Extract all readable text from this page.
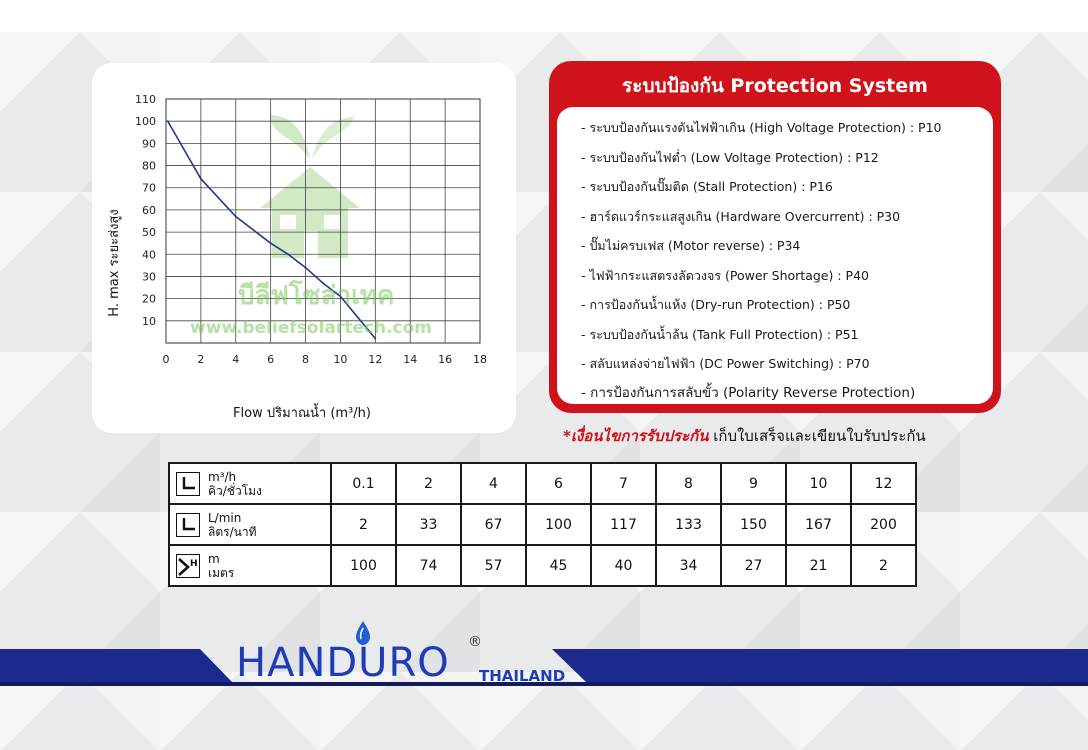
10
20
30
40
50
60
70
80
90
100
110
0	2	4	6	8 10 12 14 16 18
Flow ปริมาณน้ำ (m³/h)
H. max ระยะส่งสูง	บีลีฟโซล่าเทค
www.beliefsolartech.com
ระบบป้องกัน Protection System
- ระบบป้องกันแรงดันไฟฟ้าเกิน (High Voltage Protection) : P10
- ระบบป้องกันไฟต่ำ (Low Voltage Protection) : P12
- ระบบป้องกันปั๊มติด (Stall Protection) : P16
- ฮาร์ดแวร์กระแสสูงเกิน (Hardware Overcurrent) : P30
- ปั๊มไม่ครบเฟส (Motor reverse) : P34
- ไฟฟ้ากระแสตรงลัดวงจร (Power Shortage) : P40
- การป้องกันน้ำแห้ง (Dry-run Protection) : P50
- ระบบป้องกันน้ำล้น (Tank Full Protection) : P51
- สลับแหล่งจ่ายไฟฟ้า (DC Power Switching) : P70
- การป้องกันการสลับขั้ว (Polarity Reverse Protection)
*เงื่อนไขการรับประกัน เก็บใบเสร็จและเขียนใบรับประกัน
m³/h
คิว/ชั่วโมง	0.1	2	4	6	7	8	9	10	12

L/min
ลิตร/นาที	2	33	67	100	117	133	150	167	200

H m
เมตร	100	74	57	45	40	34	27	21	2
HANDURO ®
THAILAND
